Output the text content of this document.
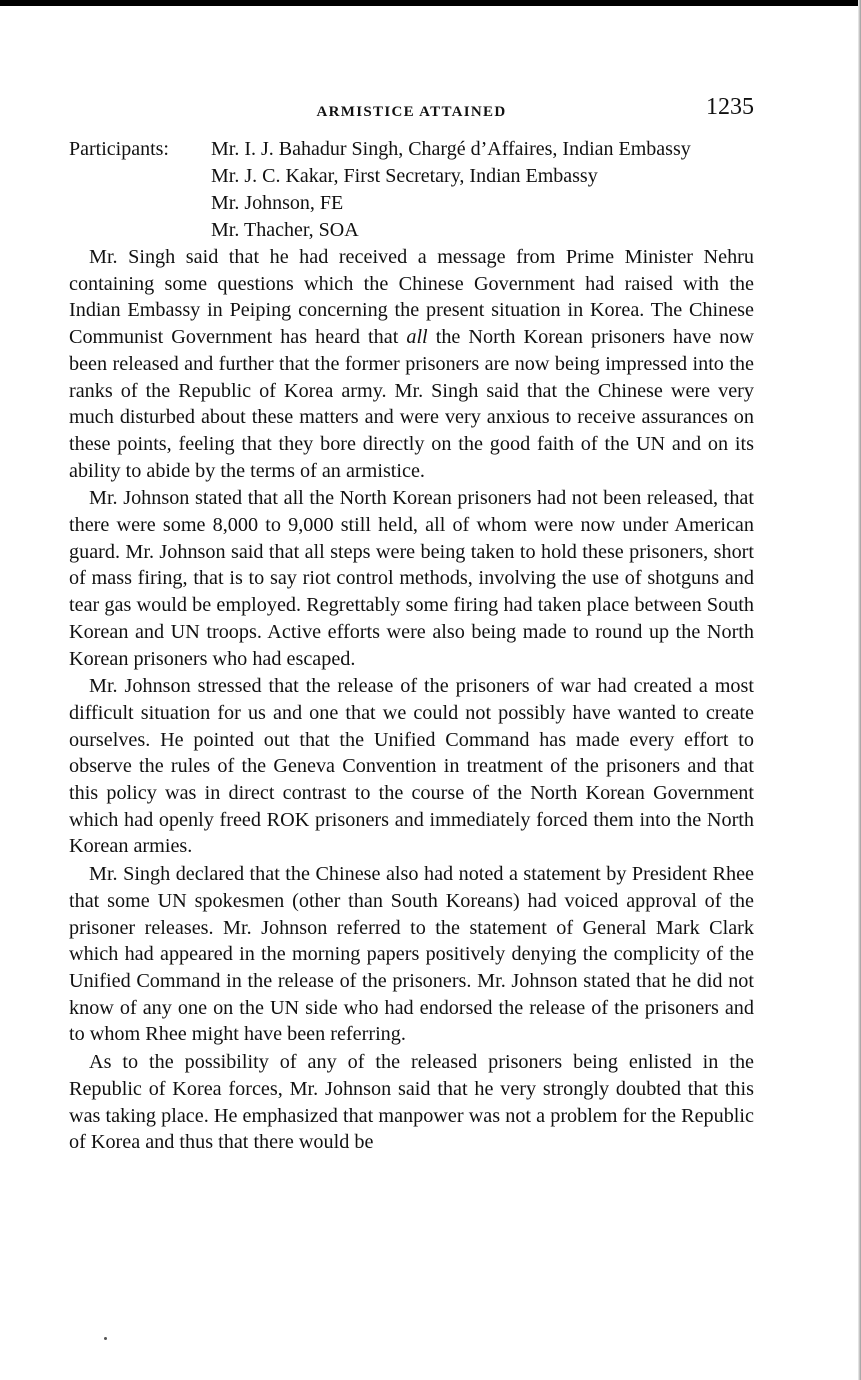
ARMISTICE ATTAINED	1235
Participants: Mr. I. J. Bahadur Singh, Chargé d’Affaires, Indian Embassy
Mr. J. C. Kakar, First Secretary, Indian Embassy
Mr. Johnson, FE
Mr. Thacher, SOA

Mr. Singh said that he had received a message from Prime Minister Nehru containing some questions which the Chinese Government had raised with the Indian Embassy in Peiping concerning the present situation in Korea. The Chinese Communist Government has heard that all the North Korean prisoners have now been released and further that the former prisoners are now being impressed into the ranks of the Republic of Korea army. Mr. Singh said that the Chinese were very much disturbed about these matters and were very anxious to receive assurances on these points, feeling that they bore directly on the good faith of the UN and on its ability to abide by the terms of an armistice.

Mr. Johnson stated that all the North Korean prisoners had not been released, that there were some 8,000 to 9,000 still held, all of whom were now under American guard. Mr. Johnson said that all steps were being taken to hold these prisoners, short of mass firing, that is to say riot control methods, involving the use of shotguns and tear gas would be employed. Regrettably some firing had taken place between South Korean and UN troops. Active efforts were also being made to round up the North Korean prisoners who had escaped.

Mr. Johnson stressed that the release of the prisoners of war had created a most difficult situation for us and one that we could not possibly have wanted to create ourselves. He pointed out that the Unified Command has made every effort to observe the rules of the Geneva Convention in treatment of the prisoners and that this policy was in direct contrast to the course of the North Korean Government which had openly freed ROK prisoners and immediately forced them into the North Korean armies.

Mr. Singh declared that the Chinese also had noted a statement by President Rhee that some UN spokesmen (other than South Koreans) had voiced approval of the prisoner releases. Mr. Johnson referred to the statement of General Mark Clark which had appeared in the morning papers positively denying the complicity of the Unified Command in the release of the prisoners. Mr. Johnson stated that he did not know of any one on the UN side who had endorsed the release of the prisoners and to whom Rhee might have been referring.

As to the possibility of any of the released prisoners being enlisted in the Republic of Korea forces, Mr. Johnson said that he very strongly doubted that this was taking place. He emphasized that manpower was not a problem for the Republic of Korea and thus that there would be
